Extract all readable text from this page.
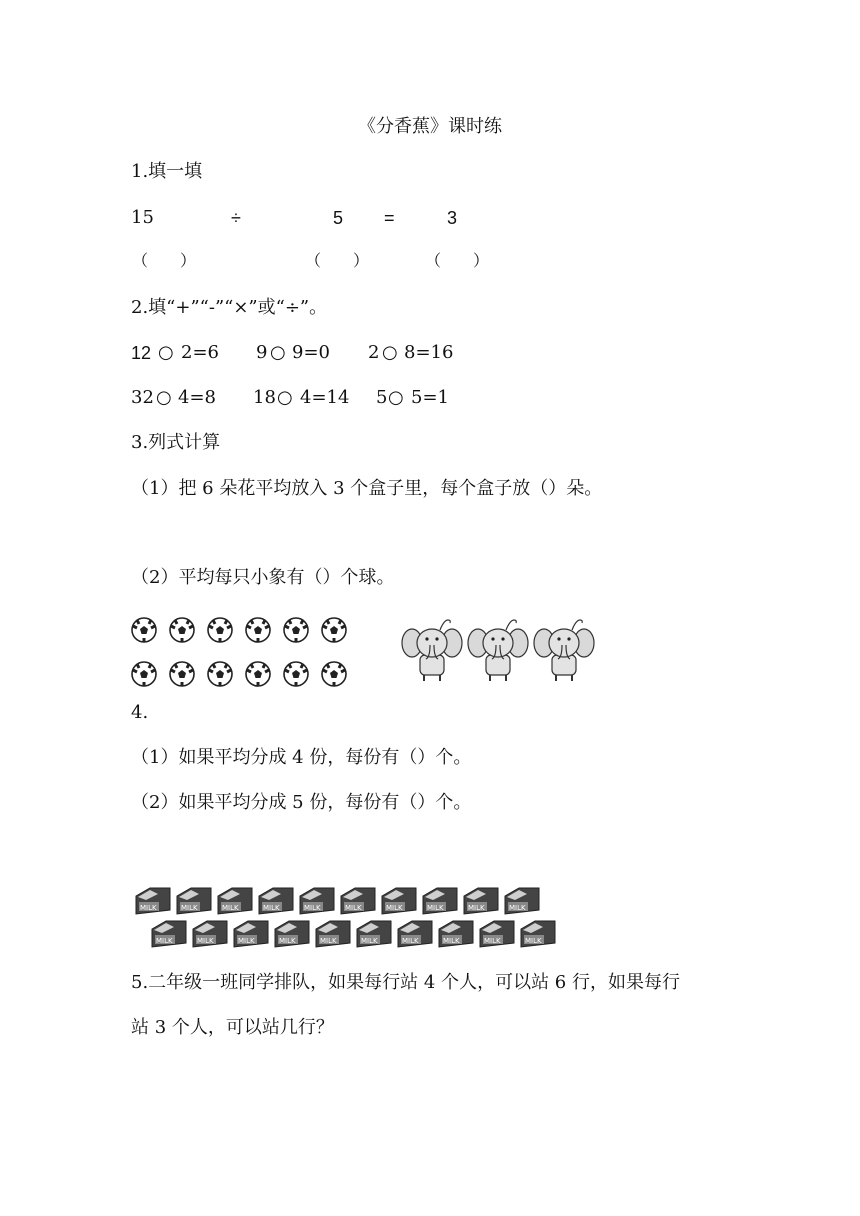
《分香蕉》课时练
1.填一填
15	÷	5 =	3
（　　）	（　　）	（　　）
2.填“+”“-”“×”或“÷”。
12 ○ 2=6 9 ○ 9=0 2 ○ 8=16
32 ○ 4=8 18 ○ 4=14 5 ○ 5=1
3.列式计算
（1）把 6 朵花平均放入 3 个盒子里，每个盒子放（）朵。
（2）平均每只小象有（）个球。
4.
（1）如果平均分成 4 份，每份有（）个。
（2）如果平均分成 5 份，每份有（）个。
MILK	MILK	MILK	MILK	MILK	MILK	MILK	MILK	MILK	MILK
MILK	MILK	MILK	MILK	MILK	MILK	MILK	MILK	MILK	MILK
5.二年级一班同学排队，如果每行站 4 个人，可以站 6 行，如果每行
站 3 个人，可以站几行？
